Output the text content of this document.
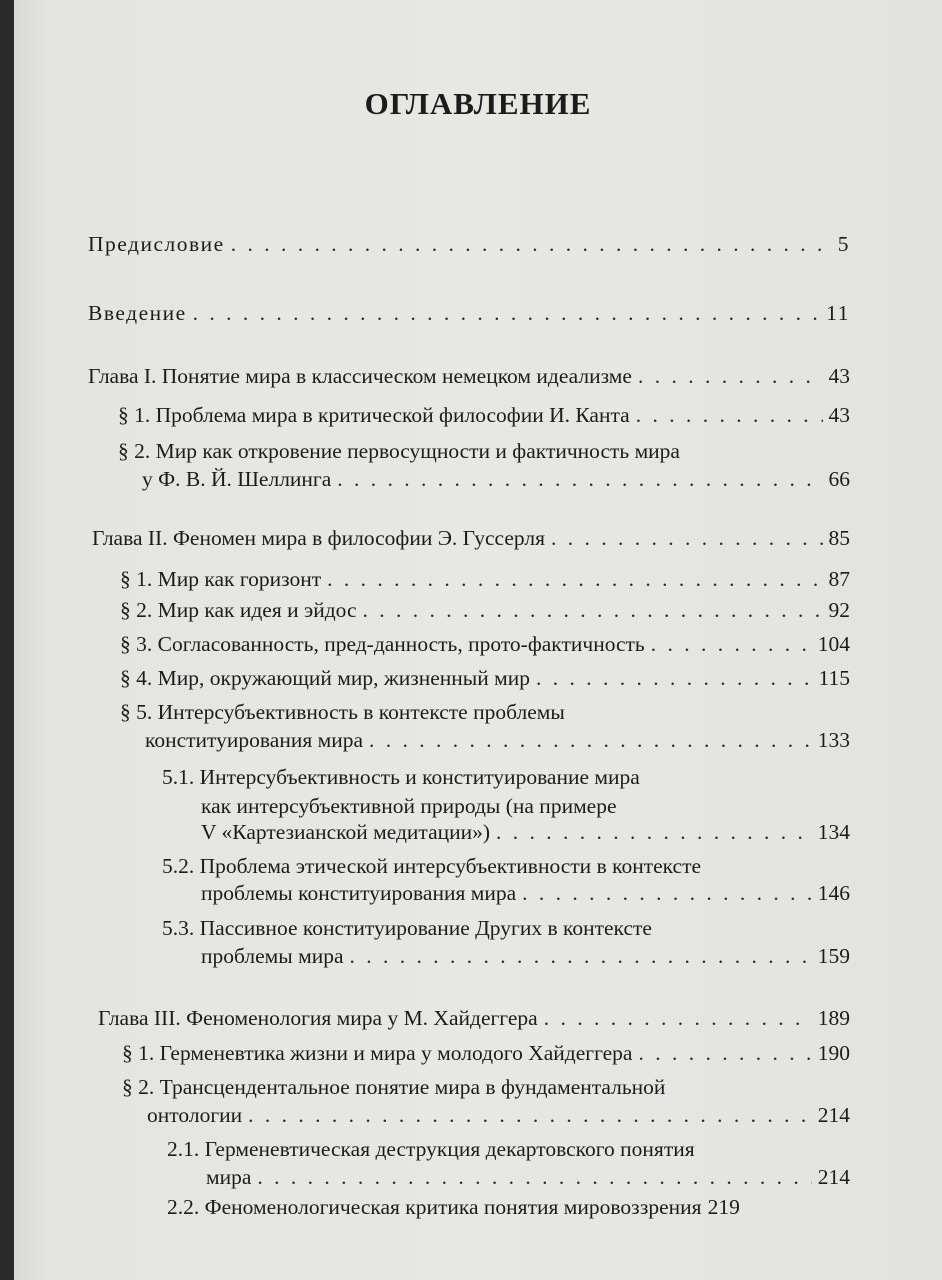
ОГЛАВЛЕНИЕ
Предисловие . . .	5
Введение . . .	11
Глава I. Понятие мира в классическом немецком идеализме . . .	43
§ 1. Проблема мира в критической философии И. Канта . . .	43
§ 2. Мир как откровение первосущности и фактичность мира
у Ф. В. Й. Шеллинга . . .	66
Глава II. Феномен мира в философии Э. Гуссерля . . .	85
§ 1. Мир как горизонт . . .	87
§ 2. Мир как идея и эйдос . . .	92
§ 3. Согласованность, пред-данность, прото-фактичность . . .	104
§ 4. Мир, окружающий мир, жизненный мир . . .	115
§ 5. Интерсубъективность в контексте проблемы
конституирования мира . . .	133
5.1. Интерсубъективность и конституирование мира
как интерсубъективной природы (на примере
V «Картезианской медитации») . . .	134
5.2. Проблема этической интерсубъективности в контексте
проблемы конституирования мира . . .	146
5.3. Пассивное конституирование Других в контексте
проблемы мира . . .	159
Глава III. Феноменология мира у М. Хайдеггера . . .	189
§ 1. Герменевтика жизни и мира у молодого Хайдеггера . . .	190
§ 2. Трансцендентальное понятие мира в фундаментальной
онтологии . . .	214
2.1. Герменевтическая деструкция декартовского понятия
мира . . .	214
2.2. Феноменологическая критика понятия мировоззрения 219
